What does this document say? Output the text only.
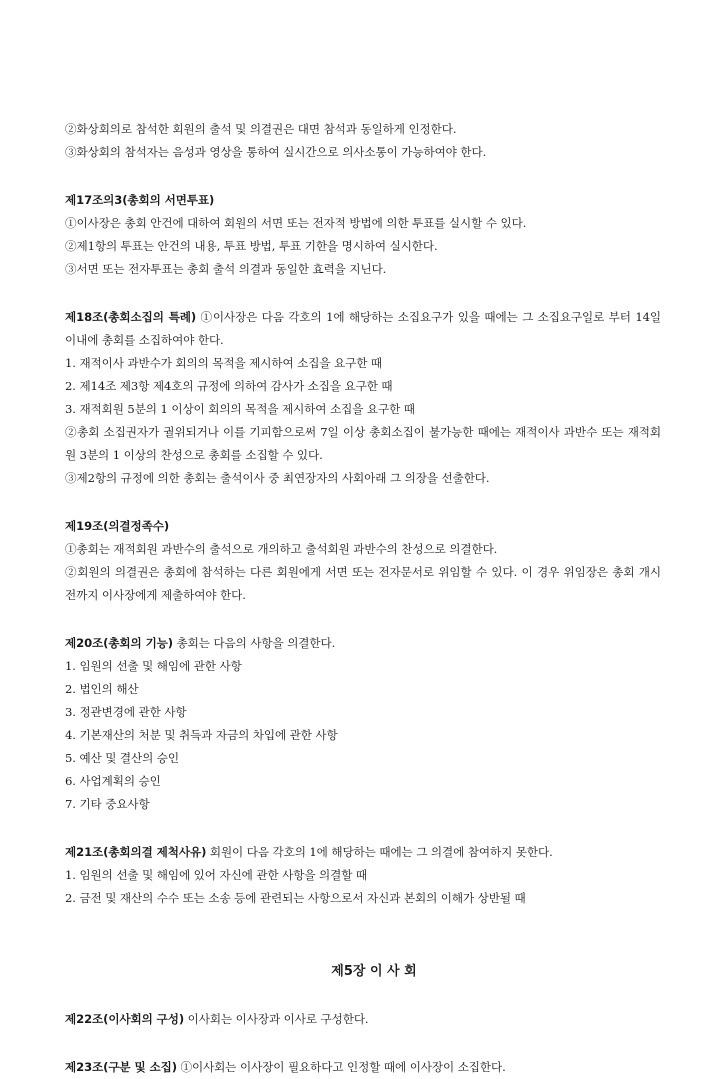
②화상회의로 참석한 회원의 출석 및 의결권은 대면 참석과 동일하게 인정한다.
③화상회의 참석자는 음성과 영상을 통하여 실시간으로 의사소통이 가능하여야 한다.
제17조의3(총회의 서면투표)
①이사장은 총회 안건에 대하여 회원의 서면 또는 전자적 방법에 의한 투표를 실시할 수 있다.
②제1항의 투표는 안건의 내용, 투표 방법, 투표 기한을 명시하여 실시한다.
③서면 또는 전자투표는 총회 출석 의결과 동일한 효력을 지닌다.
제18조(총회소집의 특례) ①이사장은 다음 각호의 1에 해당하는 소집요구가 있을 때에는 그 소집요구일로 부터 14일 이내에 총회를 소집하여야 한다.
1. 재적이사 과반수가 회의의 목적을 제시하여 소집을 요구한 때
2. 제14조 제3항 제4호의 규정에 의하여 감사가 소집을 요구한 때
3. 재적회원 5분의 1 이상이 회의의 목적을 제시하여 소집을 요구한 때
②총회 소집권자가 궐위되거나 이를 기피함으로써 7일 이상 총회소집이 불가능한 때에는 재적이사 과반수 또는 재적회원 3분의 1 이상의 찬성으로 총회를 소집할 수 있다.
③제2항의 규정에 의한 총회는 출석이사 중 최연장자의 사회아래 그 의장을 선출한다.
제19조(의결정족수)
①총회는 재적회원 과반수의 출석으로 개의하고 출석회원 과반수의 찬성으로 의결한다.
②회원의 의결권은 총회에 참석하는 다른 회원에게 서면 또는 전자문서로 위임할 수 있다. 이 경우 위임장은 총회 개시 전까지 이사장에게 제출하여야 한다.
제20조(총회의 기능) 총회는 다음의 사항을 의결한다.
1. 임원의 선출 및 해임에 관한 사항
2. 법인의 해산
3. 정관변경에 관한 사항
4. 기본재산의 처분 및 취득과 자금의 차입에 관한 사항
5. 예산 및 결산의 승인
6. 사업계획의 승인
7. 기타 중요사항
제21조(총회의결 제척사유) 회원이 다음 각호의 1에 해당하는 때에는 그 의결에 참여하지 못한다.
1. 임원의 선출 및 해임에 있어 자신에 관한 사항을 의결할 때
2. 금전 및 재산의 수수 또는 소송 등에 관련되는 사항으로서 자신과 본회의 이해가 상반될 때
제5장 이 사 회
제22조(이사회의 구성) 이사회는 이사장과 이사로 구성한다.
제23조(구분 및 소집) ①이사회는 이사장이 필요하다고 인정할 때에 이사장이 소집한다.
